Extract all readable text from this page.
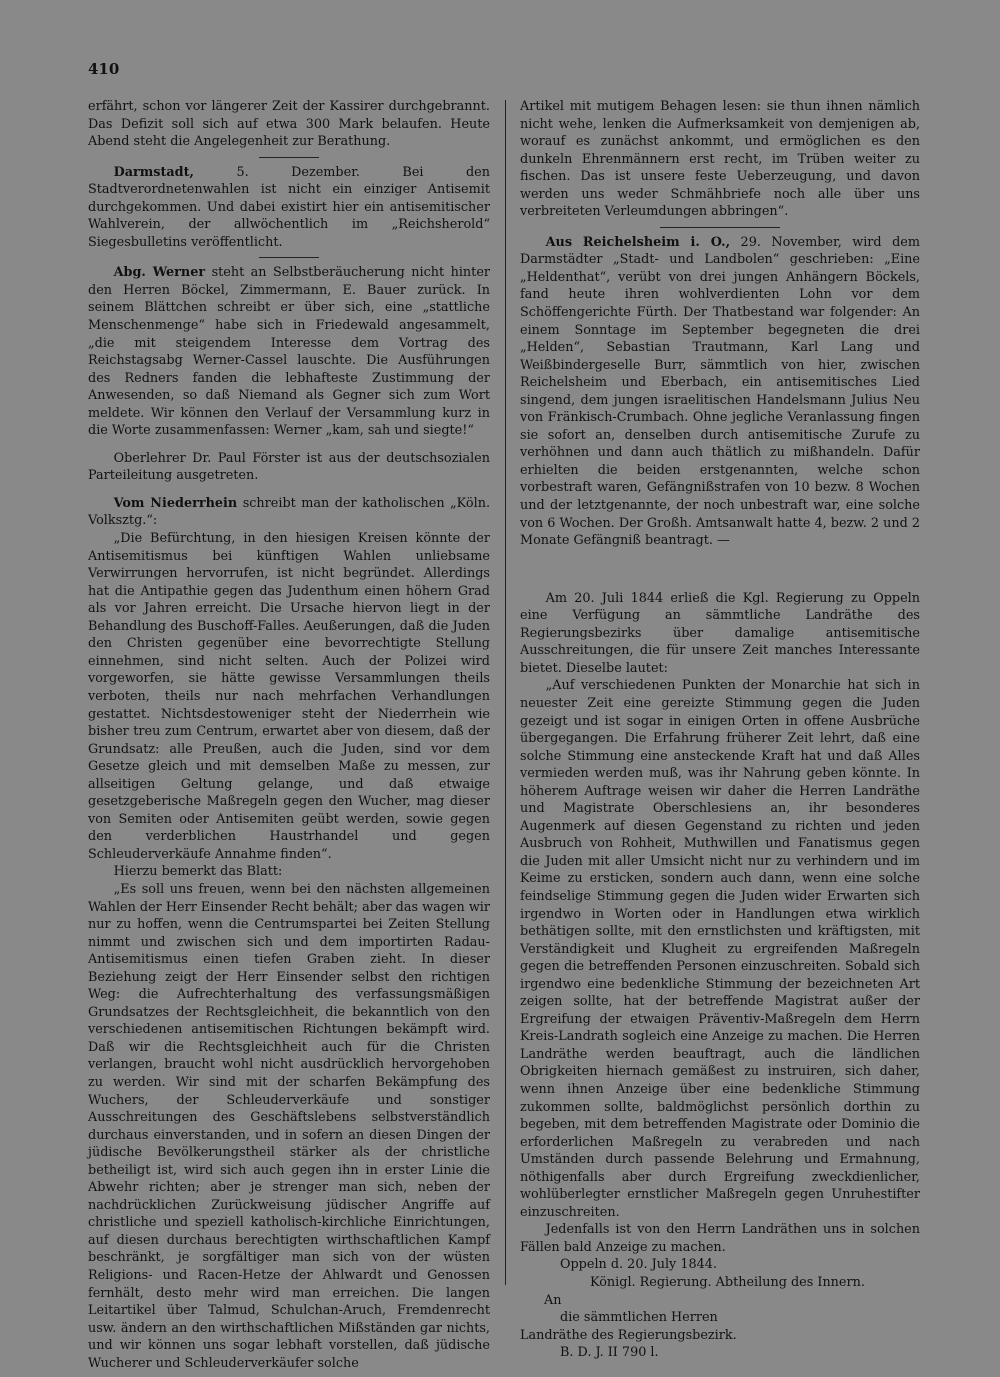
410

erfährt, schon vor längerer Zeit der Kassirer durchgebrannt. Das Defizit soll sich auf etwa 300 Mark belaufen. Heute Abend steht die Angelegenheit zur Berathung.

Darmstadt,	5. Dezember. Bei den Stadtverordnetenwahlen ist nicht ein einziger Antisemit durchgekommen. Und dabei existirt hier ein antisemitischer Wahlverein, der allwöchentlich im „Reichsherold“ Siegesbulletins veröffentlicht.

Abg. Werner steht an Selbstberäucherung nicht hinter den Herren Böckel, Zimmermann, E. Bauer zurück. In seinem Blättchen schreibt er über sich, eine „stattliche Menschenmenge“ habe sich in Friedewald angesammelt, „die mit steigendem Interesse dem Vortrag des Reichstagsabg Werner-Cassel lauschte. Die Ausführungen des Redners fanden die lebhafteste Zustimmung der Anwesenden, so daß Niemand als Gegner sich zum Wort meldete. Wir können den Verlauf der Versammlung kurz in die Worte zusammenfassen: Werner „kam, sah und siegte!“

Oberlehrer Dr. Paul Förster ist aus der deutschsozialen Parteileitung ausgetreten.

Vom Niederrhein schreibt man der katholischen „Köln. Volksztg.“:

„Die Befürchtung, in den hiesigen Kreisen könnte der Antisemitismus bei künftigen Wahlen unliebsame Verwirrungen hervorrufen, ist nicht begründet. Allerdings hat die Antipathie gegen das Judenthum einen höhern Grad als vor Jahren erreicht. Die Ursache hiervon liegt in der Behandlung des Buschoff-Falles. Aeußerungen, daß die Juden den Christen gegenüber eine bevorrechtigte Stellung einnehmen, sind nicht selten. Auch der Polizei wird vorgeworfen, sie hätte gewisse Versammlungen theils verboten, theils nur nach mehrfachen Verhandlungen gestattet. Nichtsdestoweniger steht der Niederrhein wie bisher treu zum Centrum, erwartet aber von diesem, daß der Grundsatz: alle Preußen, auch die Juden, sind vor dem Gesetze gleich und mit demselben Maße zu messen, zur allseitigen Geltung gelange, und daß etwaige gesetzgeberische Maßregeln gegen den Wucher, mag dieser von Semiten oder Antisemiten geübt werden, sowie gegen den verderblichen Haustrhandel und gegen Schleuderverkäufe Annahme finden“.

Hierzu bemerkt das Blatt:

„Es soll uns freuen, wenn bei den nächsten allgemeinen Wahlen der Herr Einsender Recht behält; aber das wagen wir nur zu hoffen, wenn die Centrumspartei bei Zeiten Stellung nimmt und zwischen sich und dem importirten Radau-Antisemitismus einen tiefen Graben zieht. In dieser Beziehung zeigt der Herr Einsender selbst den richtigen Weg: die Aufrechterhaltung des verfassungsmäßigen Grundsatzes der Rechtsgleichheit, die bekanntlich von den verschiedenen antisemitischen Richtungen bekämpft wird. Daß wir die Rechtsgleichheit auch für die Christen verlangen, braucht wohl nicht ausdrücklich hervorgehoben zu werden. Wir sind mit der scharfen Bekämpfung des Wuchers, der Schleuderverkäufe und sonstiger Ausschreitungen des Geschäftslebens selbstverständlich durchaus einverstanden, und in sofern an diesen Dingen der jüdische Bevölkerungstheil stärker als der christliche betheiligt ist, wird sich auch gegen ihn in erster Linie die Abwehr richten; aber je strenger man sich, neben der nachdrücklichen Zurückweisung jüdischer Angriffe auf christliche und speziell katholisch-kirchliche Einrichtungen, auf diesen durchaus berechtigten wirthschaftlichen Kampf beschränkt, je sorgfältiger man sich von der wüsten Religions- und Racen-Hetze der Ahlwardt und Genossen fernhält, desto mehr wird man erreichen. Die langen Leitartikel über Talmud, Schulchan-Aruch, Fremdenrecht usw. ändern an den wirthschaftlichen Mißständen gar nichts, und wir können uns sogar lebhaft vorstellen, daß jüdische Wucherer und Schleuderverkäufer solche

Artikel mit mutigem Behagen lesen: sie thun ihnen nämlich nicht wehe, lenken die Aufmerksamkeit von demjenigen ab, worauf es zunächst ankommt, und ermöglichen es den dunkeln Ehrenmännern erst recht, im Trüben weiter zu fischen. Das ist unsere feste Ueberzeugung, und davon werden uns weder Schmähbriefe noch alle über uns verbreiteten Verleumdungen abbringen“.

Aus Reichelsheim i. O., 29. November, wird dem Darmstädter „Stadt- und Landbolen“ geschrieben: „Eine „Heldenthat“, verübt von drei jungen Anhängern Böckels, fand heute ihren wohlverdienten Lohn vor dem Schöffengerichte Fürth. Der Thatbestand war folgender: An einem Sonntage im September begegneten die drei „Helden“, Sebastian Trautmann, Karl Lang und Weißbindergeselle Burr, sämmtlich von hier, zwischen Reichelsheim und Eberbach, ein antisemitisches Lied singend, dem jungen israelitischen Handelsmann Julius Neu von Fränkisch-Crumbach. Ohne jegliche Veranlassung fingen sie sofort an, denselben durch antisemitische Zurufe zu verhöhnen und dann auch thätlich zu mißhandeln. Dafür erhielten die beiden erstgenannten, welche schon vorbestraft waren, Gefängnißstrafen von 10 bezw. 8 Wochen und der letztgenannte, der noch unbestraft war, eine solche von 6 Wochen. Der Großh. Amtsanwalt hatte 4, bezw. 2 und 2 Monate Gefängniß beantragt. —

Am 20. Juli 1844 erließ die Kgl. Regierung zu Oppeln eine Verfügung an sämmtliche Landräthe des Regierungsbezirks über damalige antisemitische Ausschreitungen, die für unsere Zeit manches Interessante bietet. Dieselbe lautet:

„Auf verschiedenen Punkten der Monarchie hat sich in neuester Zeit eine gereizte Stimmung gegen die Juden gezeigt und ist sogar in einigen Orten in offene Ausbrüche übergegangen. Die Erfahrung früherer Zeit lehrt, daß eine solche Stimmung eine ansteckende Kraft hat und daß Alles vermieden werden muß, was ihr Nahrung geben könnte. In höherem Auftrage weisen wir daher die Herren Landräthe und Magistrate Oberschlesiens an, ihr besonderes Augenmerk auf diesen Gegenstand zu richten und jeden Ausbruch von Rohheit, Muthwillen und Fanatismus gegen die Juden mit aller Umsicht nicht nur zu verhindern und im Keime zu ersticken, sondern auch dann, wenn eine solche feindselige Stimmung gegen die Juden wider Erwarten sich irgendwo in Worten oder in Handlungen etwa wirklich bethätigen sollte, mit den ernstlichsten und kräftigsten, mit Verständigkeit und Klugheit zu ergreifenden Maßregeln gegen die betreffenden Personen einzuschreiten. Sobald sich irgendwo eine bedenkliche Stimmung der bezeichneten Art zeigen sollte, hat der betreffende Magistrat außer der Ergreifung der etwaigen Präventiv-Maßregeln dem Herrn Kreis-Landrath sogleich eine Anzeige zu machen. Die Herren Landräthe werden beauftragt, auch die ländlichen Obrigkeiten hiernach gemäßest zu instruiren, sich daher, wenn ihnen Anzeige über eine bedenkliche Stimmung zukommen sollte, baldmöglichst persönlich dorthin zu begeben, mit dem betreffenden Magistrate oder Dominio die erforderlichen Maßregeln zu verabreden und nach Umständen durch passende Belehrung und Ermahnung, nöthigenfalls aber durch Ergreifung zweckdienlicher, wohlüberlegter ernstlicher Maßregeln gegen Unruhestifter einzuschreiten.

Jedenfalls ist von den Herrn Landräthen uns in solchen Fällen bald Anzeige zu machen.

Oppeln d. 20. July 1844.
Königl. Regierung. Abtheilung des Innern.
An
die sämmtlichen Herren
Landräthe des Regierungsbezirk.
B. D. J. II 790 l.
